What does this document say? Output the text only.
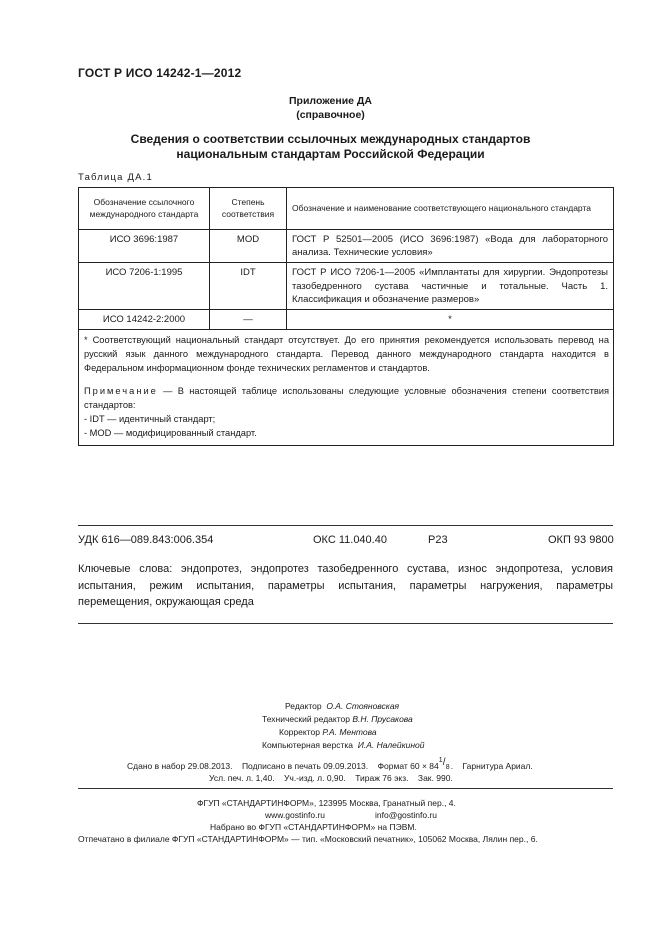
ГОСТ Р ИСО 14242-1—2012
Приложение ДА
(справочное)
Сведения о соответствии ссылочных международных стандартов
национальным стандартам Российской Федерации
Таблица ДА.1
Обозначение ссылочного международного стандарта	Степень соответствия	Обозначение и наименование соответствующего национального стандарта
ИСО 3696:1987	MOD	ГОСТ Р 52501—2005 (ИСО 3696:1987) «Вода для лабораторного анализа. Технические условия»
ИСО 7206-1:1995	IDT	ГОСТ Р ИСО 7206-1—2005 «Имплантаты для хирургии. Эндопротезы тазобедренного сустава частичные и тотальные. Часть 1. Классификация и обозначение размеров»
ИСО 14242-2:2000	—	*

* Соответствующий национальный стандарт отсутствует. До его принятия рекомендуется использовать перевод на русский язык данного международного стандарта. Перевод данного международного стандарта находится в Федеральном информационном фонде технических регламентов и стандартов.

Примечание — В настоящей таблице использованы следующие условные обозначения степени соответствия стандартов:

- IDT — идентичный стандарт;

- MOD — модифицированный стандарт.		

УДК 616—089.843:006.354	ОКС 11.040.40	Р23	ОКП 93 9800
Ключевые слова: эндопротез, эндопротез тазобедренного сустава, износ эндопротеза, условия испытания, режим испытания, параметры испытания, параметры нагружения, параметры перемещения, окружающая среда
Редактор О.А. Стояновская
Технический редактор В.Н. Прусакова
Корректор Р.А. Ментова
Компьютерная верстка И.А. Налейкиной
Сдано в набор 29.08.2013.    Подписано в печать 09.09.2013.    Формат 60 × 84
1 / 8 .    Гарнитура Ариал.
Усл. печ. л. 1,40.    Уч.-изд. л. 0,90.    Тираж 76 экз.    Зак. 990.
ФГУП «СТАНДАРТИНФОРМ», 123995 Москва, Гранатный пер., 4.
www.gostinfo.ru	info@gostinfo.ru
Набрано во ФГУП «СТАНДАРТИНФОРМ» на ПЭВМ.
Отпечатано в филиале ФГУП «СТАНДАРТИНФОРМ» — тип. «Московский печатник», 105062 Москва, Лялин пер., 6.
